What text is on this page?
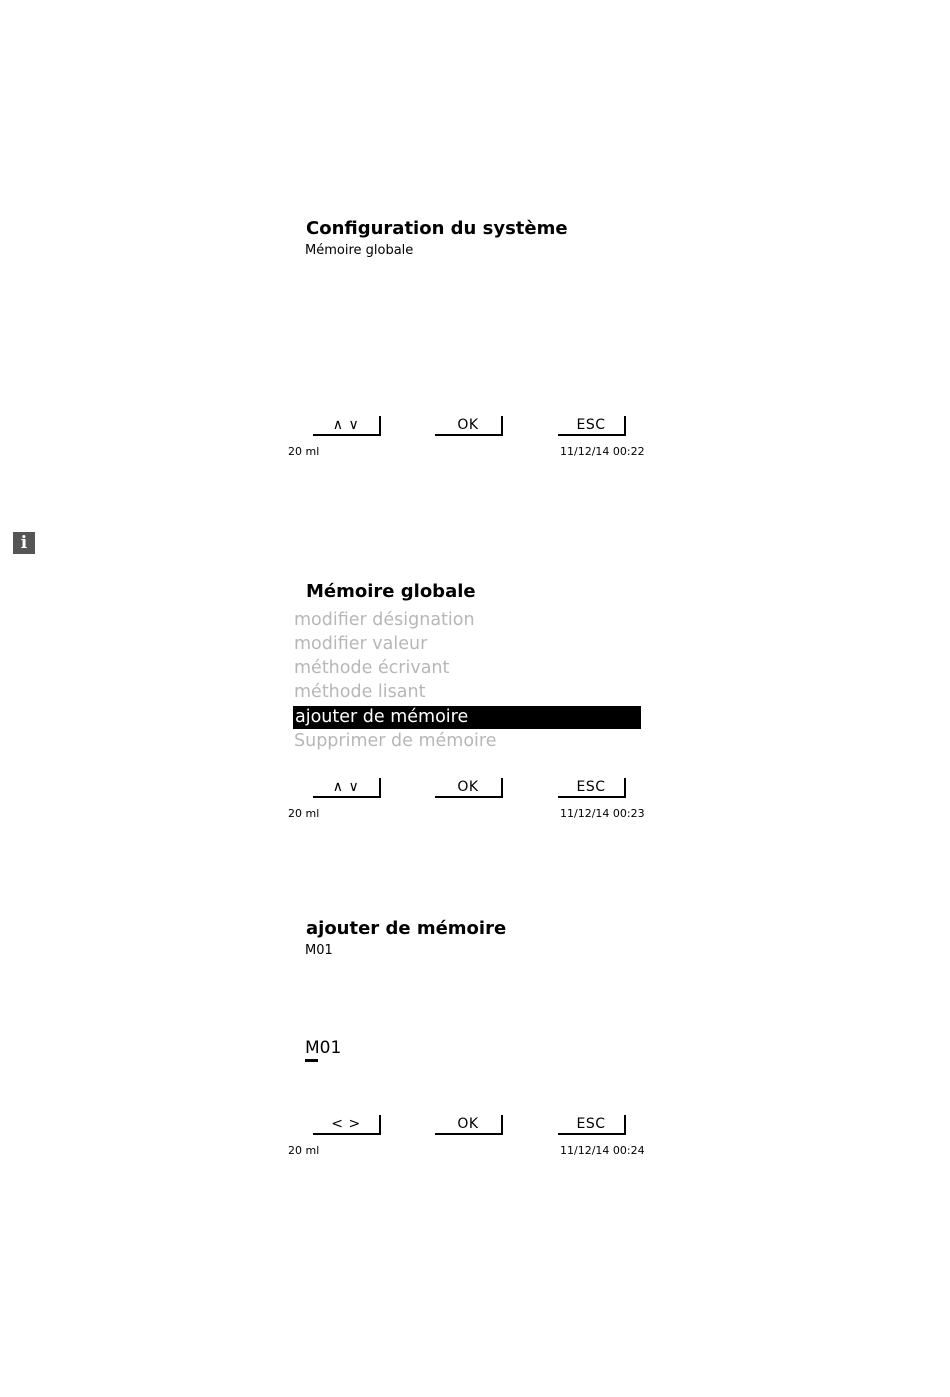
Configuration du système
Mémoire globale
∧ ∨	OK	ESC
20 ml	11/12/14 00:22
i
Mémoire globale
modifier désignation
modifier valeur
méthode écrivant
méthode lisant
ajouter de mémoire
Supprimer de mémoire
∧ ∨	OK	ESC
20 ml	11/12/14 00:23
ajouter de mémoire
M01
M01
< >	OK	ESC
20 ml	11/12/14 00:24
